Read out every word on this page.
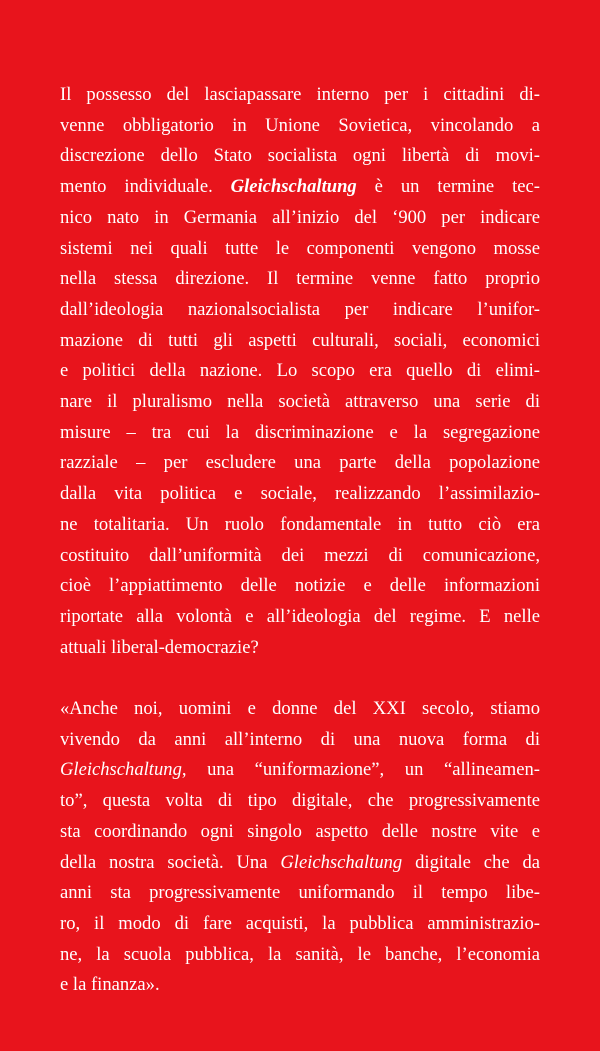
Il possesso del lasciapassare interno per i cittadini di-
venne obbligatorio in Unione Sovietica, vincolando a
discrezione dello Stato socialista ogni libertà di movi-
mento individuale. Gleichschaltung è un termine tec-
nico nato in Germania all’inizio del ‘900 per indicare
sistemi nei quali tutte le componenti vengono mosse
nella stessa direzione. Il termine venne fatto proprio
dall’ideologia nazionalsocialista per indicare l’unifor-
mazione di tutti gli aspetti culturali, sociali, economici
e politici della nazione. Lo scopo era quello di elimi-
nare il pluralismo nella società attraverso una serie di
misure – tra cui la discriminazione e la segregazione
razziale – per escludere una parte della popolazione
dalla vita politica e sociale, realizzando l’assimilazio-
ne totalitaria. Un ruolo fondamentale in tutto ciò era
costituito dall’uniformità dei mezzi di comunicazione,
cioè l’appiattimento delle notizie e delle informazioni
riportate alla volontà e all’ideologia del regime. E nelle
attuali liberal-democrazie?

«Anche noi, uomini e donne del XXI secolo, stiamo
vivendo da anni all’interno di una nuova forma di
Gleichschaltung, una “uniformazione”, un “allineamen-
to”, questa volta di tipo digitale, che progressivamente
sta coordinando ogni singolo aspetto delle nostre vite e
della nostra società. Una Gleichschaltung digitale che da
anni sta progressivamente uniformando il tempo libe-
ro, il modo di fare acquisti, la pubblica amministrazio-
ne, la scuola pubblica, la sanità, le banche, l’economia
e la finanza».
